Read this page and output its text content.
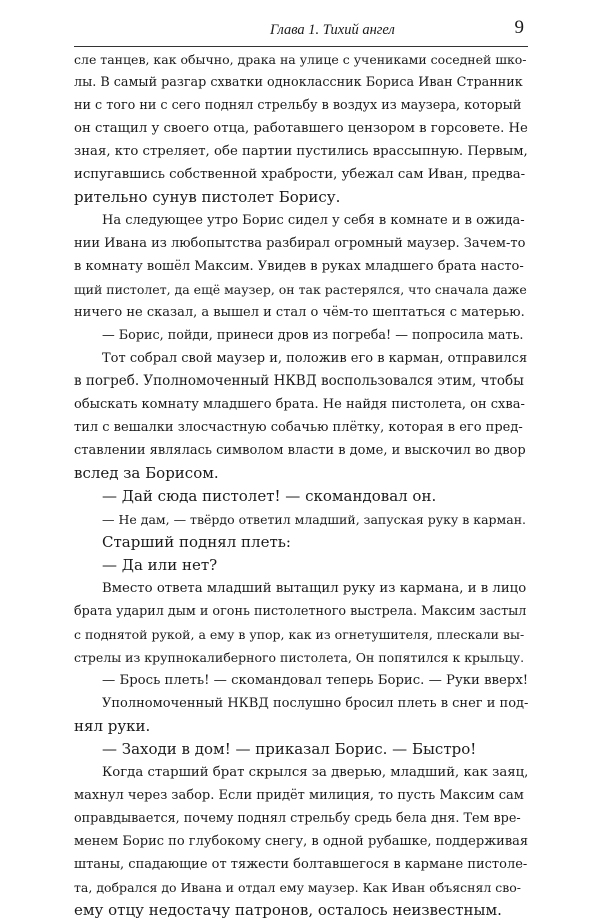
Глава 1. Тихий ангел	9
сле танцев, как обычно, драка на улице с учениками соседней шко-
лы. В самый разгар схватки одноклассник Бориса Иван Странник
ни с того ни с сего поднял стрельбу в воздух из маузера, который
он стащил у своего отца, работавшего цензором в горсовете. Не
зная, кто стреляет, обе партии пустились врассыпную. Первым,
испугавшись собственной храбрости, убежал сам Иван, предва-
рительно сунув пистолет Борису.
На следующее утро Борис сидел у себя в комнате и в ожида-
нии Ивана из любопытства разбирал огромный маузер. Зачем-то
в комнату вошёл Максим. Увидев в руках младшего брата насто-
щий пистолет, да ещё маузер, он так растерялся, что сначала даже
ничего не сказал, а вышел и стал о чём-то шептаться с матерью.
— Борис, пойди, принеси дров из погреба! — попросила мать.
Тот собрал свой маузер и, положив его в карман, отправился
в погреб. Уполномоченный НКВД воспользовался этим, чтобы
обыскать комнату младшего брата. Не найдя пистолета, он схва-
тил с вешалки злосчастную собачью плётку, которая в его пред-
ставлении являлась символом власти в доме, и выскочил во двор
вслед за Борисом.
— Дай сюда пистолет! — скомандовал он.
— Не дам, — твёрдо ответил младший, запуская руку в карман.
Старший поднял плеть:
— Да или нет?
Вместо ответа младший вытащил руку из кармана, и в лицо
брата ударил дым и огонь пистолетного выстрела. Максим застыл
с поднятой рукой, а ему в упор, как из огнетушителя, плескали вы-
стрелы из крупнокалиберного пистолета, Он попятился к крыльцу.
— Брось плеть! — скомандовал теперь Борис. — Руки вверх!
Уполномоченный НКВД послушно бросил плеть в снег и под-
нял руки.
— Заходи в дом! — приказал Борис. — Быстро!
Когда старший брат скрылся за дверью, младший, как заяц,
махнул через забор. Если придёт милиция, то пусть Максим сам
оправдывается, почему поднял стрельбу средь бела дня. Тем вре-
менем Борис по глубокому снегу, в одной рубашке, поддерживая
штаны, спадающие от тяжести болтавшегося в кармане пистоле-
та, добрался до Ивана и отдал ему маузер. Как Иван объяснял сво-
ему отцу недостачу патронов, осталось неизвестным.
